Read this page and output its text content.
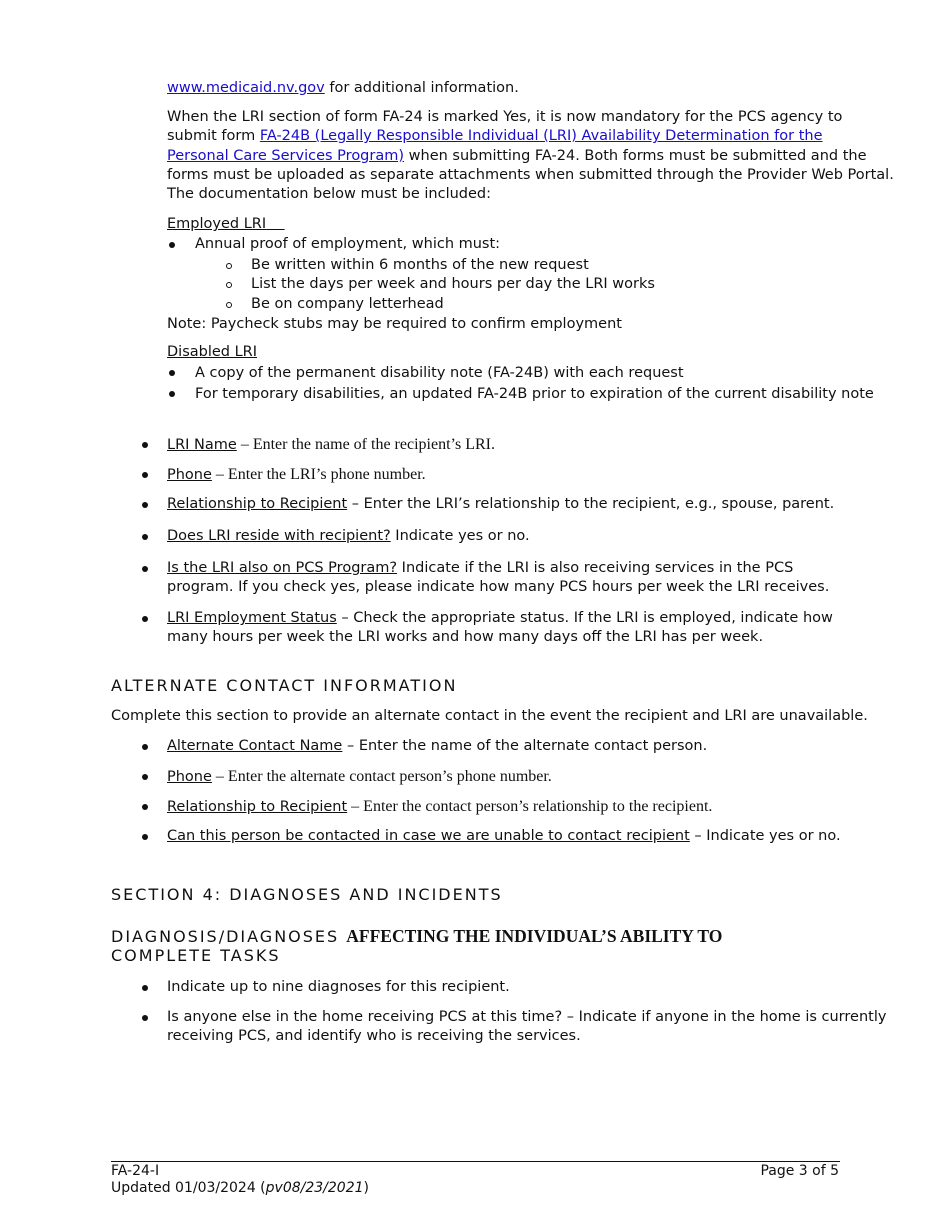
www.medicaid.nv.gov for additional information.
When the LRI section of form FA-24 is marked Yes, it is now mandatory for the PCS agency to
submit form FA-24B (Legally Responsible Individual (LRI) Availability Determination for the
Personal Care Services Program) when submitting FA-24. Both forms must be submitted and the
forms must be uploaded as separate attachments when submitted through the Provider Web Portal.
The documentation below must be included:
Employed LRI
Annual proof of employment, which must:
Be written within 6 months of the new request
List the days per week and hours per day the LRI works
Be on company letterhead
Note: Paycheck stubs may be required to confirm employment
Disabled LRI
A copy of the permanent disability note (FA-24B) with each request
For temporary disabilities, an updated FA-24B prior to expiration of the current disability note
LRI Name – Enter the name of the recipient’s LRI.
Phone – Enter the LRI’s phone number.
Relationship to Recipient – Enter the LRI’s relationship to the recipient, e.g., spouse, parent.
Does LRI reside with recipient? Indicate yes or no.
Is the LRI also on PCS Program? Indicate if the LRI is also receiving services in the PCS
program. If you check yes, please indicate how many PCS hours per week the LRI receives.
LRI Employment Status – Check the appropriate status. If the LRI is employed, indicate how
many hours per week the LRI works and how many days off the LRI has per week.
ALTERNATE CONTACT INFORMATION
Complete this section to provide an alternate contact in the event the recipient and LRI are unavailable.
Alternate Contact Name – Enter the name of the alternate contact person.
Phone – Enter the alternate contact person’s phone number.
Relationship to Recipient – Enter the contact person’s relationship to the recipient.
Can this person be contacted in case we are unable to contact recipient – Indicate yes or no.
SECTION 4: DIAGNOSES AND INCIDENTS
DIAGNOSIS/DIAGNOSES AFFECTING THE INDIVIDUAL’S ABILITY TO
COMPLETE TASKS
Indicate up to nine diagnoses for this recipient.
Is anyone else in the home receiving PCS at this time? – Indicate if anyone in the home is currently
receiving PCS, and identify who is receiving the services.
FA-24-I
Updated 01/03/2024 (pv08/23/2021)
Page 3 of 5
